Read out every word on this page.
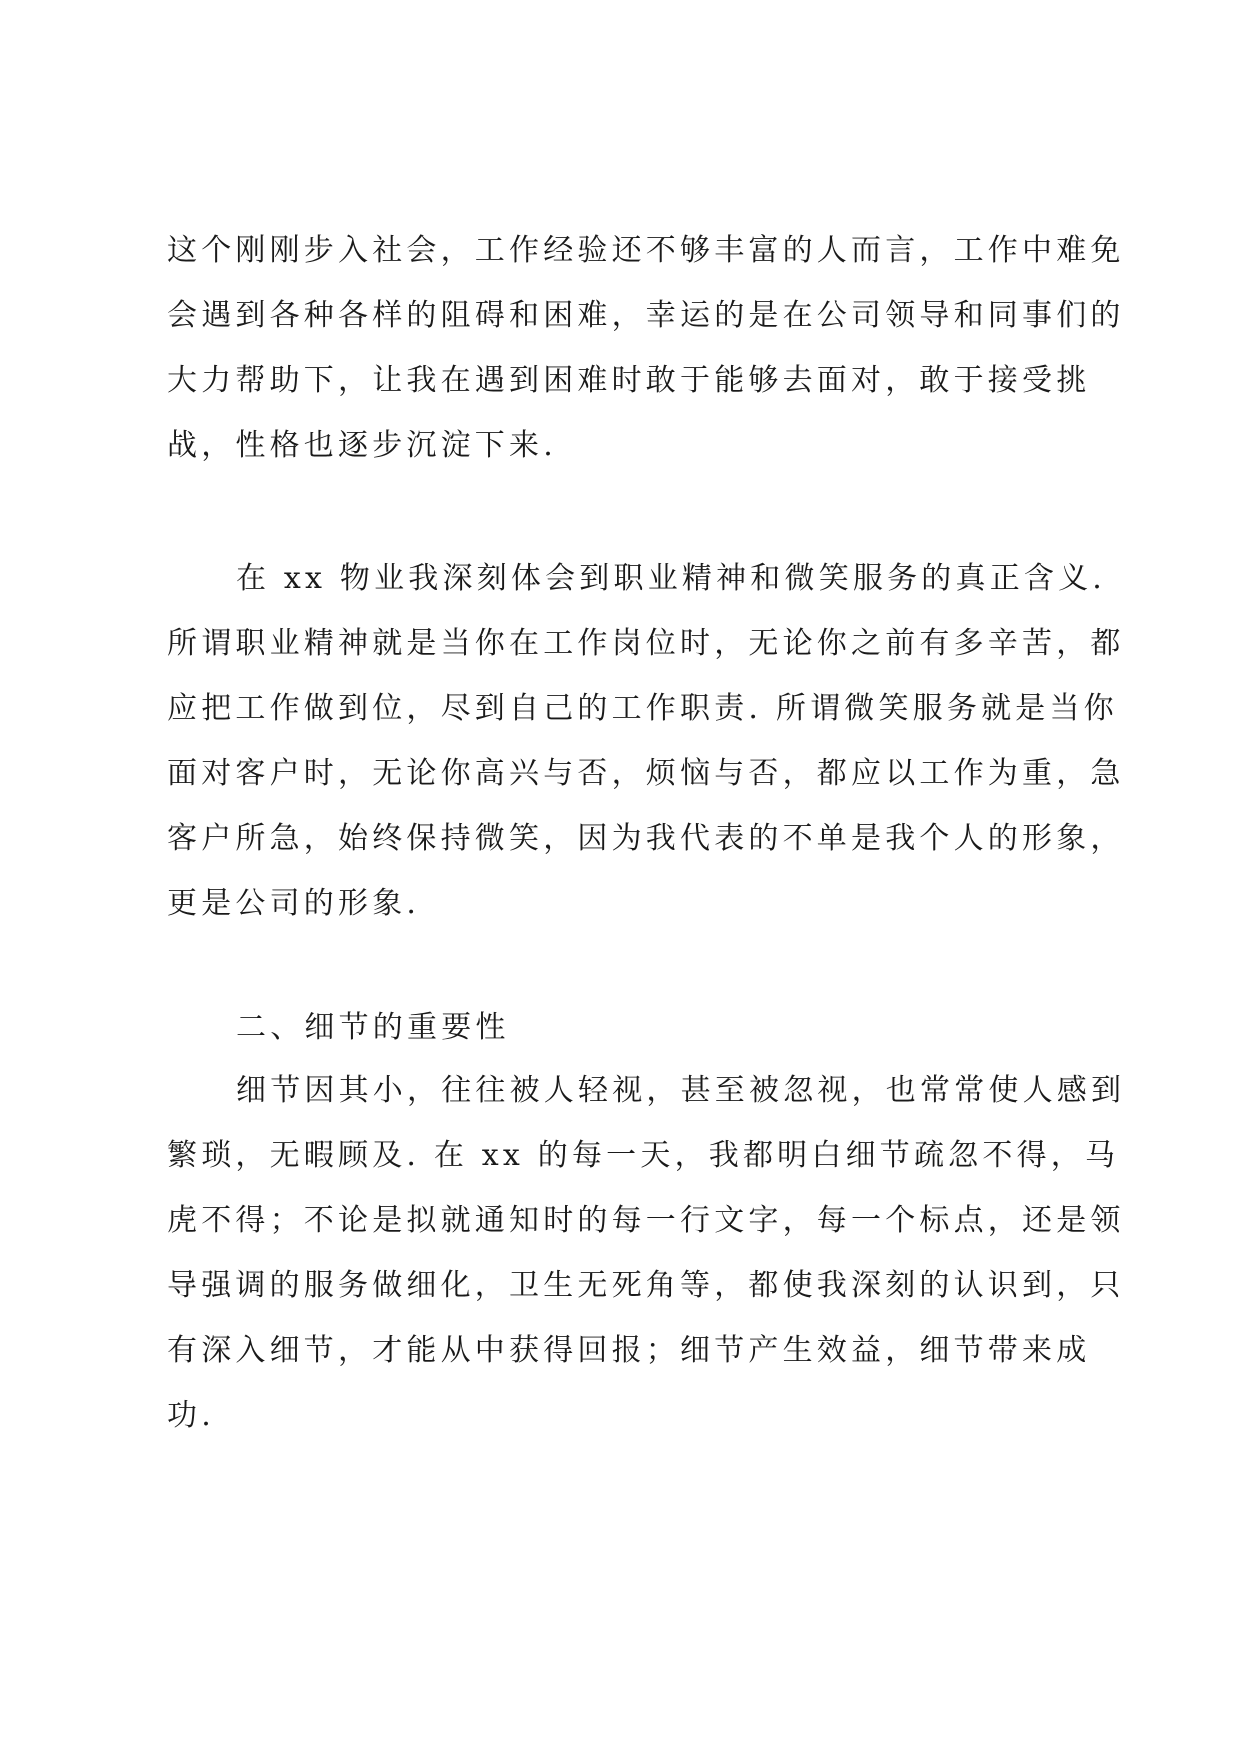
这个刚刚步入社会，工作经验还不够丰富的人而言，工作中难免
会遇到各种各样的阻碍和困难，幸运的是在公司领导和同事们的
大力帮助下，让我在遇到困难时敢于能够去面对，敢于接受挑
战，性格也逐步沉淀下来.
在 xx 物业我深刻体会到职业精神和微笑服务的真正含义.
所谓职业精神就是当你在工作岗位时，无论你之前有多辛苦，都
应把工作做到位，尽到自己的工作职责. 所谓微笑服务就是当你
面对客户时，无论你高兴与否，烦恼与否，都应以工作为重，急
客户所急，始终保持微笑，因为我代表的不单是我个人的形象，
更是公司的形象.
二、细节的重要性
细节因其小，往往被人轻视，甚至被忽视，也常常使人感到
繁琐，无暇顾及. 在 xx 的每一天，我都明白细节疏忽不得，马
虎不得；不论是拟就通知时的每一行文字，每一个标点，还是领
导强调的服务做细化，卫生无死角等，都使我深刻的认识到，只
有深入细节，才能从中获得回报；细节产生效益，细节带来成
功.
